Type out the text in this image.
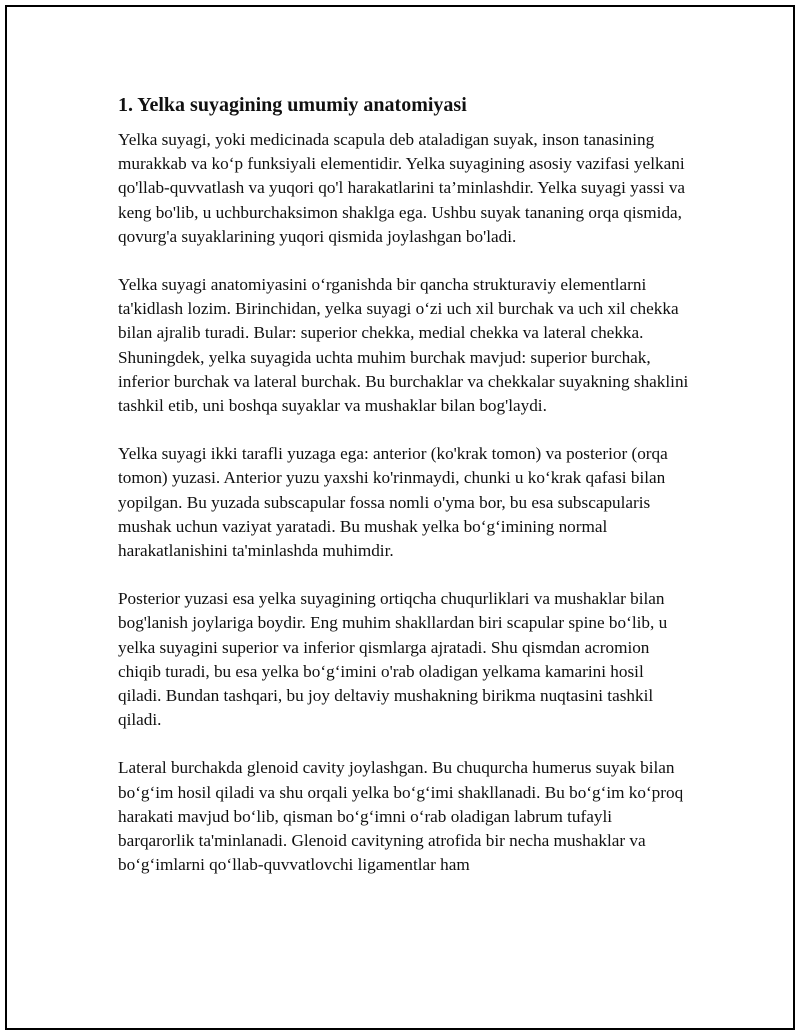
1. Yelka suyagining umumiy anatomiyasi

Yelka suyagi, yoki medicinada scapula deb ataladigan suyak, inson tanasining murakkab va ko‘p funksiyali elementidir. Yelka suyagining asosiy vazifasi yelkani qo'llab-quvvatlash va yuqori qo'l harakatlarini ta’minlashdir. Yelka suyagi yassi va keng bo'lib, u uchburchaksimon shaklga ega. Ushbu suyak tananing orqa qismida, qovurg'a suyaklarining yuqori qismida joylashgan bo'ladi.

Yelka suyagi anatomiyasini o‘rganishda bir qancha strukturaviy elementlarni ta'kidlash lozim. Birinchidan, yelka suyagi o‘zi uch xil burchak va uch xil chekka bilan ajralib turadi. Bular: superior chekka, medial chekka va lateral chekka. Shuningdek, yelka suyagida uchta muhim burchak mavjud: superior burchak, inferior burchak va lateral burchak. Bu burchaklar va chekkalar suyakning shaklini tashkil etib, uni boshqa suyaklar va mushaklar bilan bog'laydi.

Yelka suyagi ikki tarafli yuzaga ega: anterior (ko'krak tomon) va posterior (orqa tomon) yuzasi. Anterior yuzu yaxshi ko'rinmaydi, chunki u ko‘krak qafasi bilan yopilgan. Bu yuzada subscapular fossa nomli o'yma bor, bu esa subscapularis mushak uchun vaziyat yaratadi. Bu mushak yelka bo‘g‘imining normal harakatlanishini ta'minlashda muhimdir.

Posterior yuzasi esa yelka suyagining ortiqcha chuqurliklari va mushaklar bilan bog'lanish joylariga boydir. Eng muhim shakllardan biri scapular spine bo‘lib, u yelka suyagini superior va inferior qismlarga ajratadi. Shu qismdan acromion chiqib turadi, bu esa yelka bo‘g‘imini o'rab oladigan yelkama kamarini hosil qiladi. Bundan tashqari, bu joy deltaviy mushakning birikma nuqtasini tashkil qiladi.

Lateral burchakda glenoid cavity joylashgan. Bu chuqurcha humerus suyak bilan bo‘g‘im hosil qiladi va shu orqali yelka bo‘g‘imi shakllanadi. Bu bo‘g‘im ko‘proq harakati mavjud bo‘lib, qisman bo‘g‘imni o‘rab oladigan labrum tufayli barqarorlik ta'minlanadi. Glenoid cavityning atrofida bir necha mushaklar va bo‘g‘imlarni qo‘llab-quvvatlovchi ligamentlar ham
